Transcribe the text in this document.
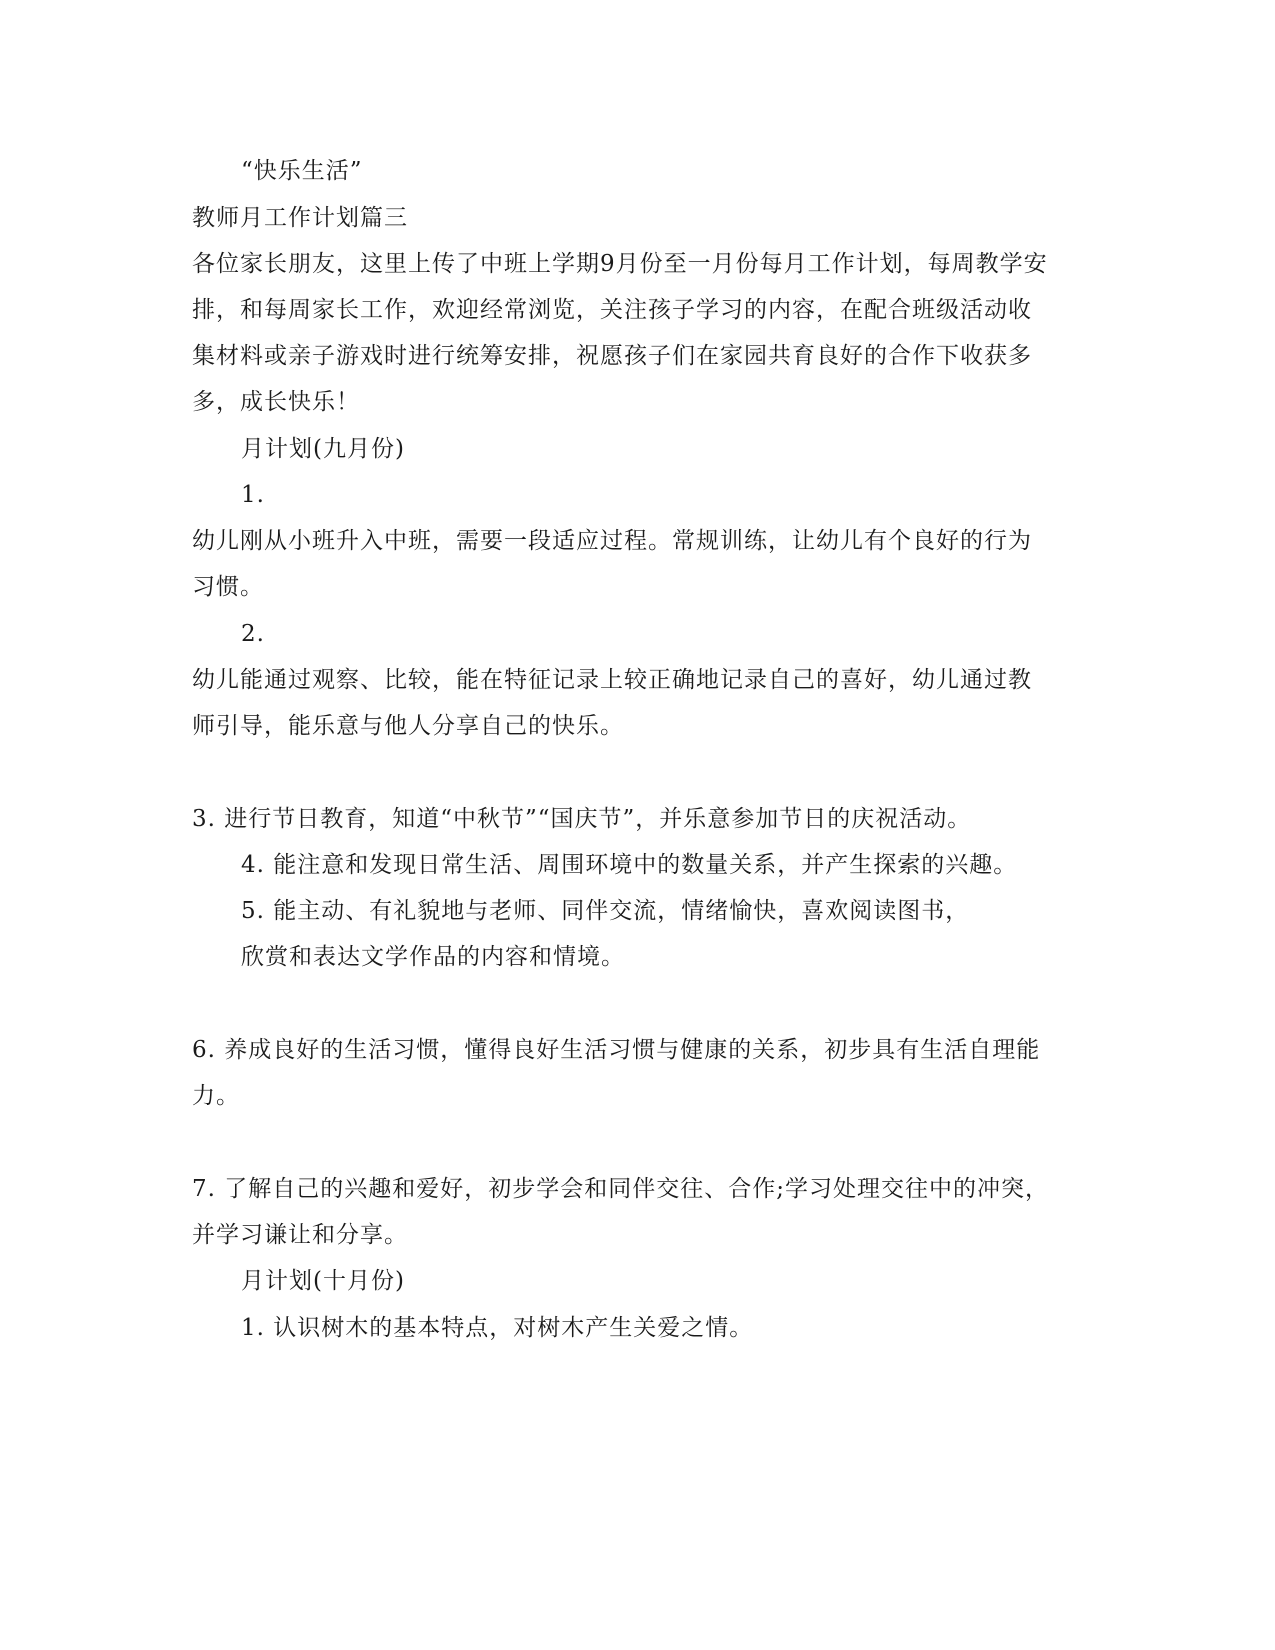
“快乐生活”
教师月工作计划篇三
各位家长朋友，这里上传了中班上学期9月份至一月份每月工作计划，每周教学安
排，和每周家长工作，欢迎经常浏览，关注孩子学习的内容，在配合班级活动收
集材料或亲子游戏时进行统筹安排，祝愿孩子们在家园共育良好的合作下收获多
多，成长快乐！
月计划(九月份)
1.
幼儿刚从小班升入中班，需要一段适应过程。常规训练，让幼儿有个良好的行为
习惯。
2.
幼儿能通过观察、比较，能在特征记录上较正确地记录自己的喜好，幼儿通过教
师引导，能乐意与他人分享自己的快乐。
3. 进行节日教育，知道“中秋节”“国庆节”，并乐意参加节日的庆祝活动。
4. 能注意和发现日常生活、周围环境中的数量关系，并产生探索的兴趣。
5. 能主动、有礼貌地与老师、同伴交流，情绪愉快，喜欢阅读图书，
欣赏和表达文学作品的内容和情境。
6. 养成良好的生活习惯，懂得良好生活习惯与健康的关系，初步具有生活自理能
力。
7. 了解自己的兴趣和爱好，初步学会和同伴交往、合作;学习处理交往中的冲突，
并学习谦让和分享。
月计划(十月份)
1. 认识树木的基本特点，对树木产生关爱之情。
